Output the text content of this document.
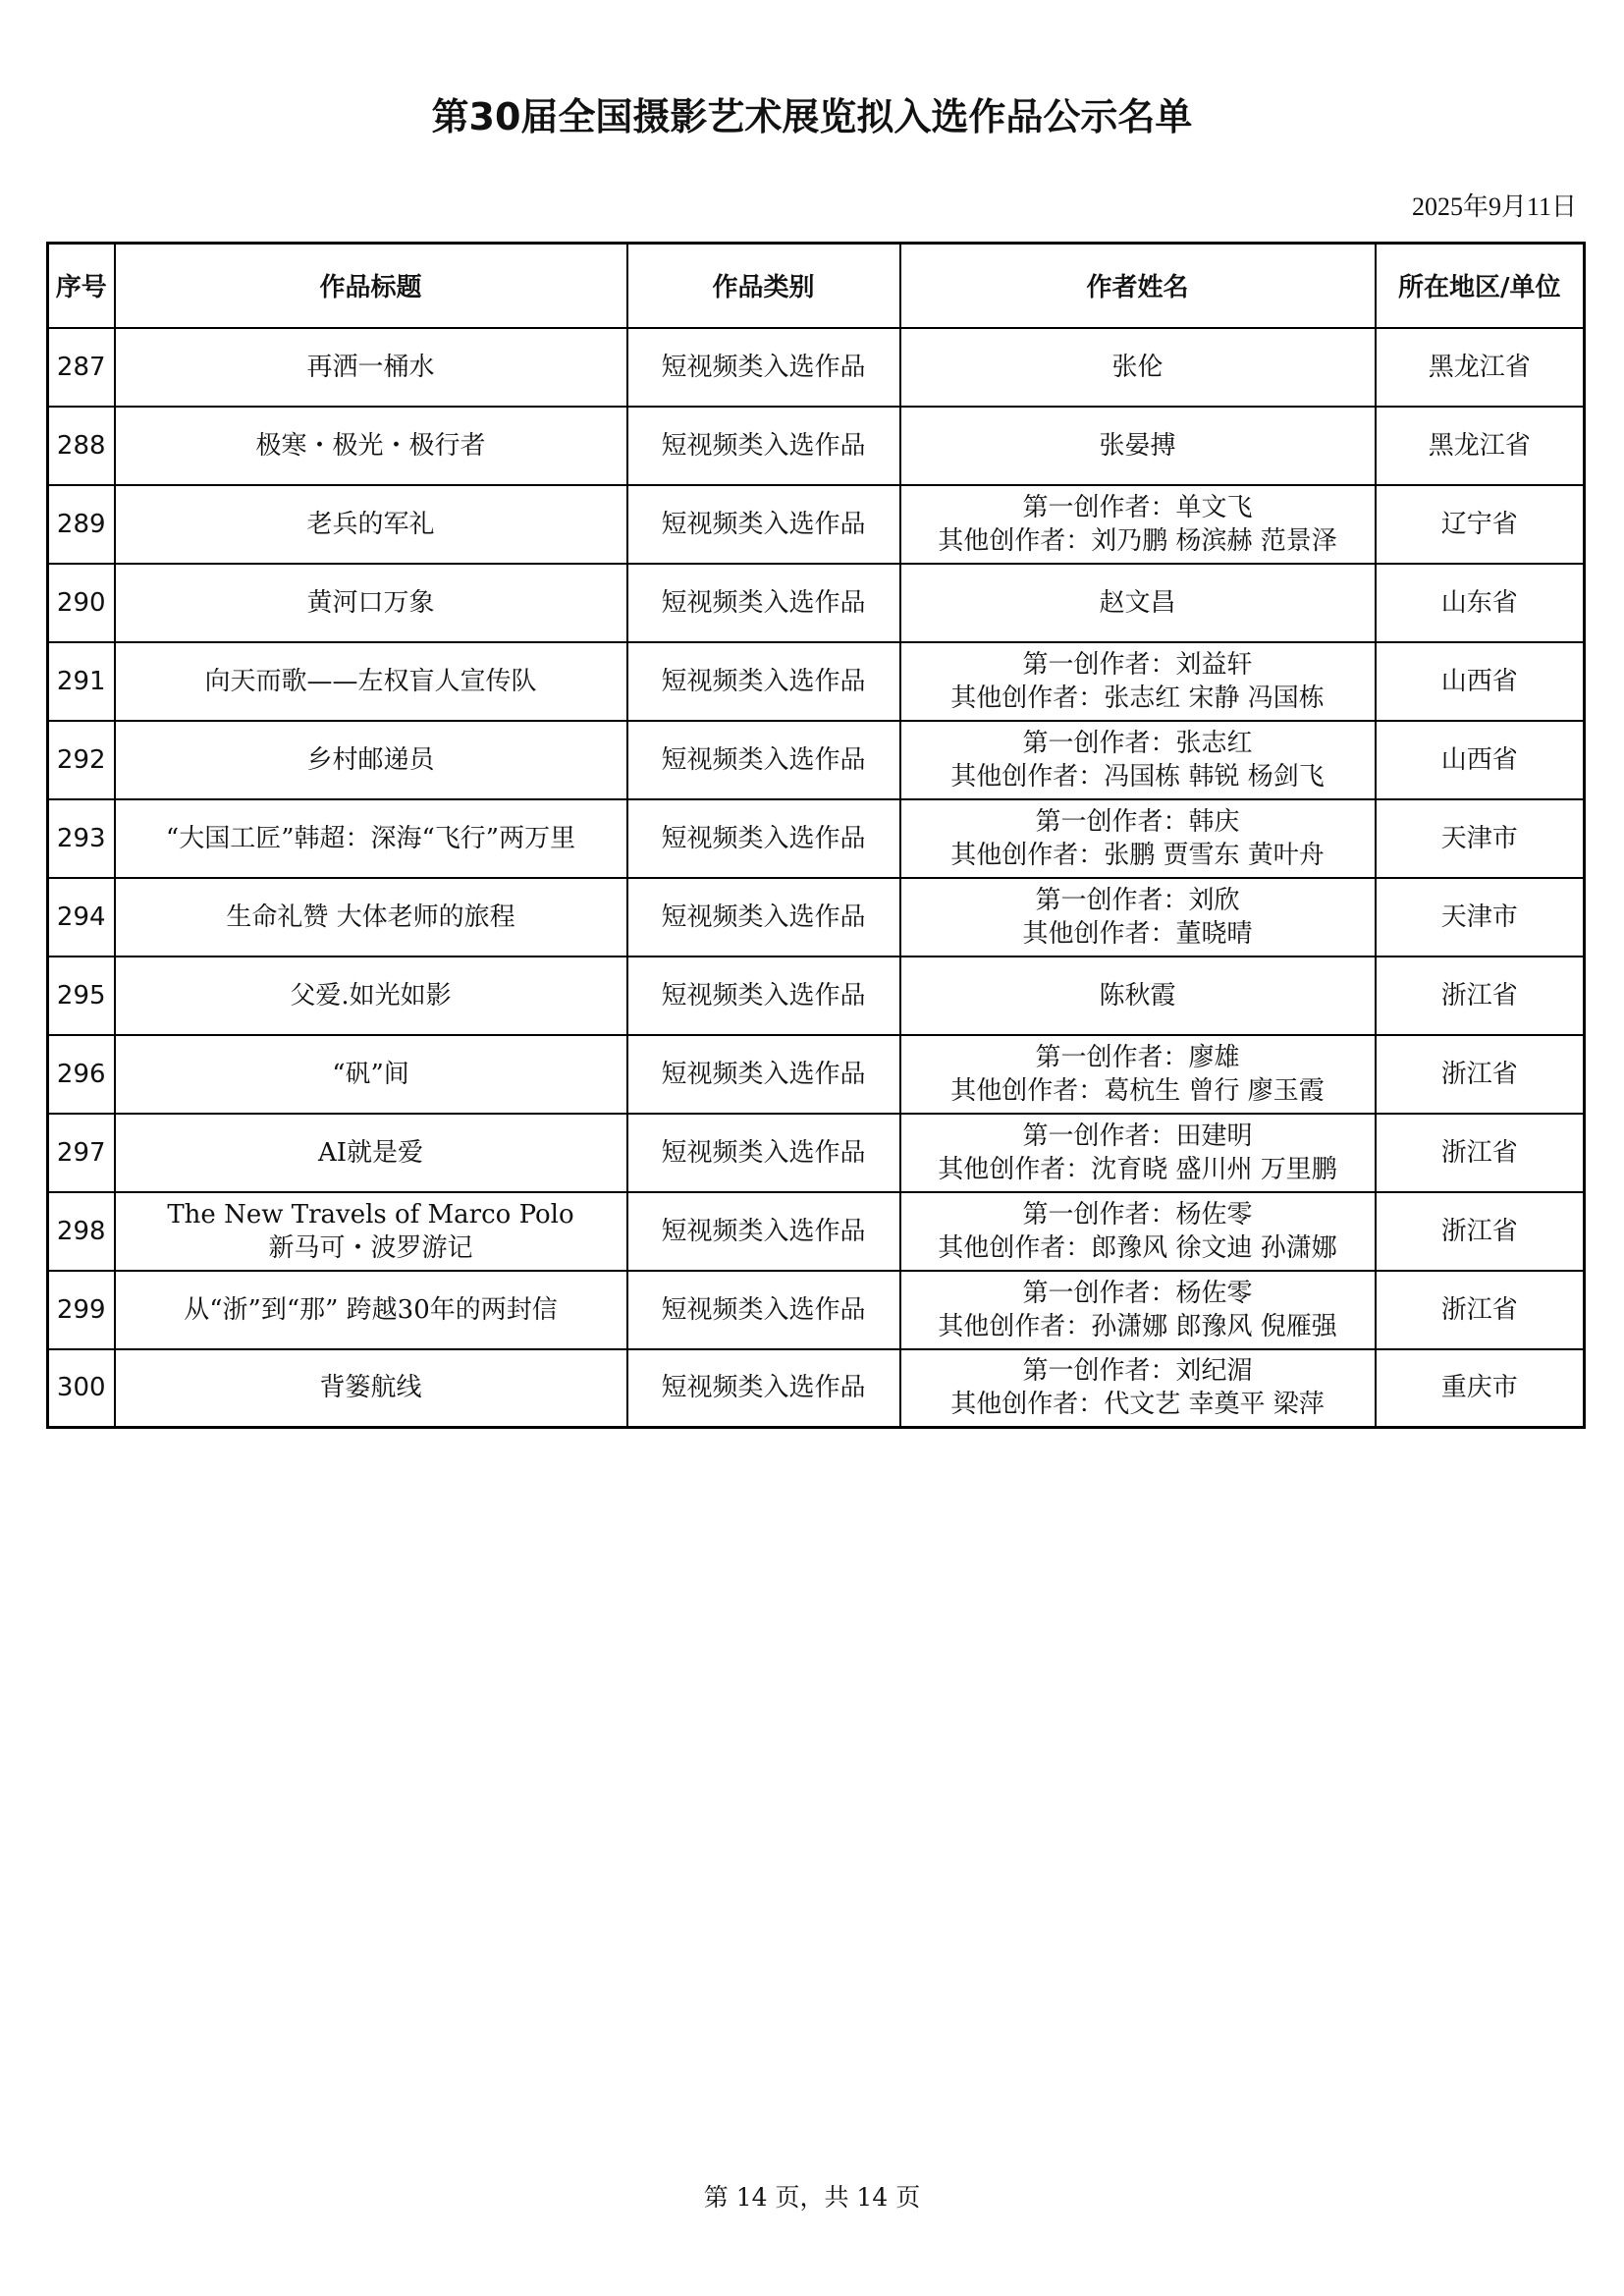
第30届全国摄影艺术展览拟入选作品公示名单
2025年9月11日
序号	作品标题	作品类别	作者姓名	所在地区/单位
287	再洒一桶水	短视频类入选作品	张伦	黑龙江省
288	极寒・极光・极行者	短视频类入选作品	张晏搏	黑龙江省
289	老兵的军礼	短视频类入选作品	第一创作者：单文飞
其他创作者：刘乃鹏 杨滨赫 范景泽	辽宁省
290	黄河口万象	短视频类入选作品	赵文昌	山东省
291	向天而歌——左权盲人宣传队	短视频类入选作品	第一创作者：刘益轩
其他创作者：张志红 宋静 冯国栋	山西省
292	乡村邮递员	短视频类入选作品	第一创作者：张志红
其他创作者：冯国栋 韩锐 杨剑飞	山西省
293	“大国工匠”韩超：深海“飞行”两万里	短视频类入选作品	第一创作者：韩庆
其他创作者：张鹏 贾雪东 黄叶舟	天津市
294	生命礼赞 大体老师的旅程	短视频类入选作品	第一创作者：刘欣
其他创作者：董晓晴	天津市
295	父爱.如光如影	短视频类入选作品	陈秋霞	浙江省
296	“矾”间	短视频类入选作品	第一创作者：廖雄
其他创作者：葛杭生 曾行 廖玉霞	浙江省
297	AI就是爱	短视频类入选作品	第一创作者：田建明
其他创作者：沈育晓 盛川州 万里鹏	浙江省
298	The New Travels of Marco Polo
新马可・波罗游记	短视频类入选作品	第一创作者：杨佐零
其他创作者：郎豫风 徐文迪 孙潇娜	浙江省
299	从“浙”到“那” 跨越30年的两封信	短视频类入选作品	第一创作者：杨佐零
其他创作者：孙潇娜 郎豫风 倪雁强	浙江省
300	背篓航线	短视频类入选作品	第一创作者：刘纪湄
其他创作者：代文艺 幸奠平 梁萍	重庆市
第 14 页，共 14 页
